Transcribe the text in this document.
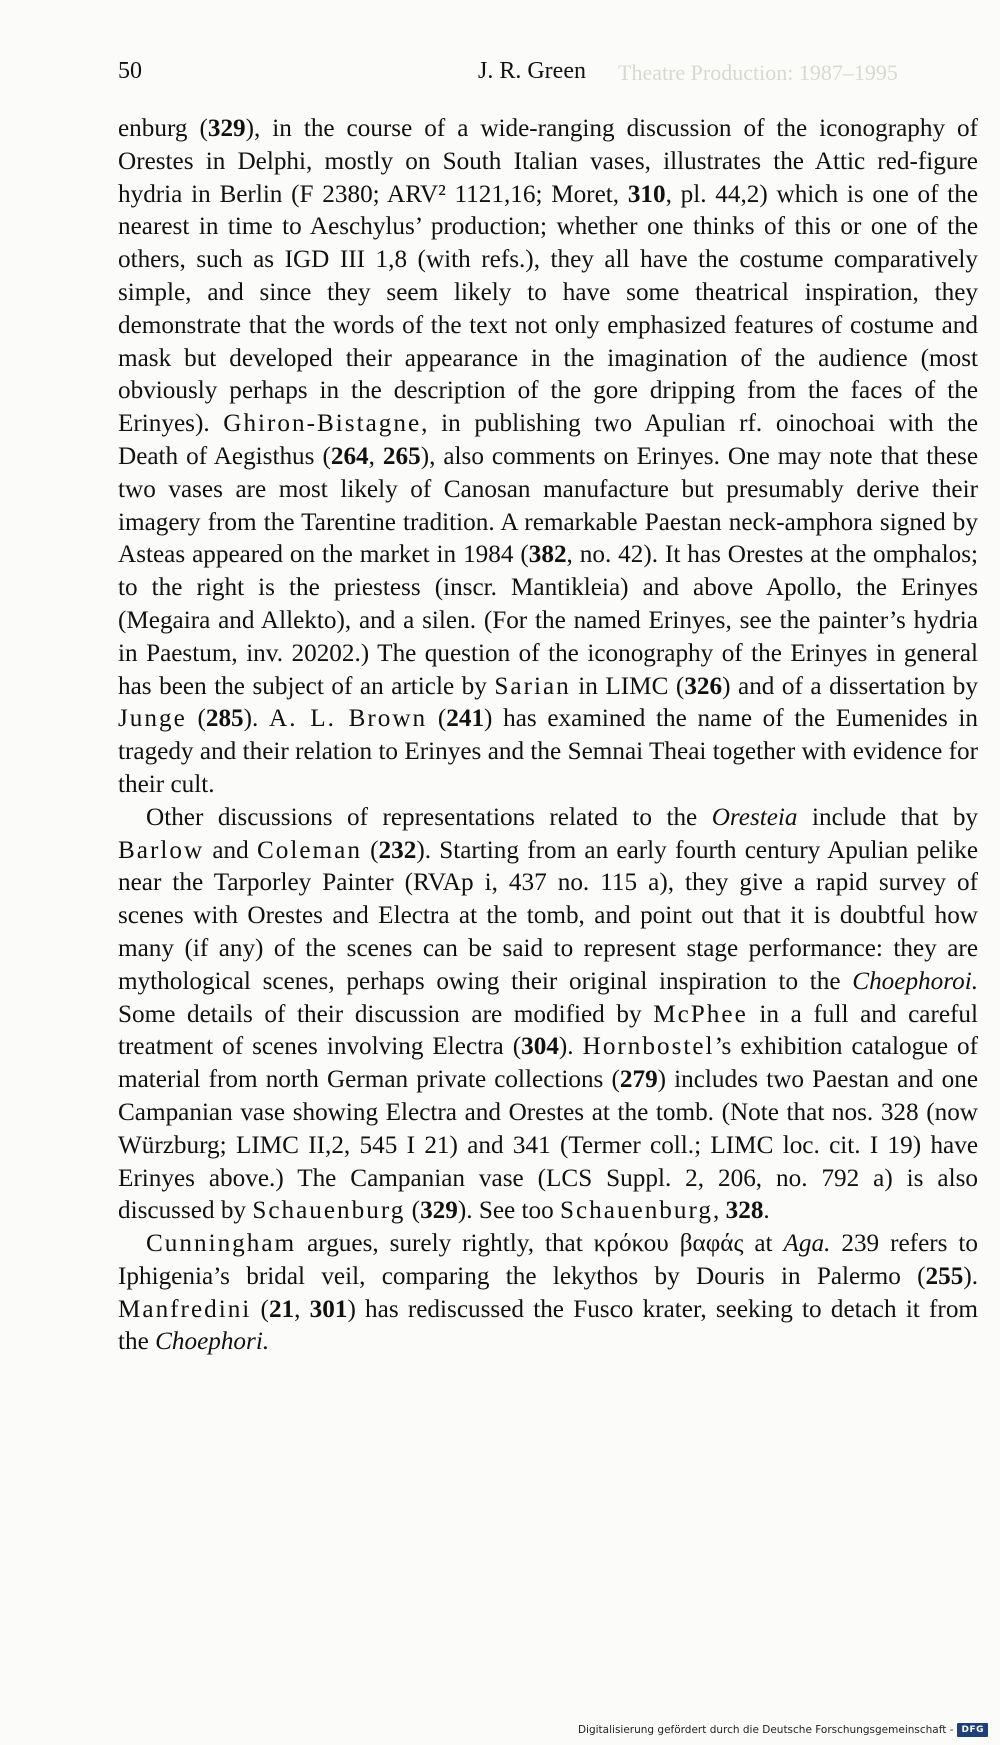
Theatre Production: 1987–1995
50	J. R. Green

enburg (329), in the course of a wide-ranging discussion of the iconography of Orestes in Delphi, mostly on South Italian vases, illustrates the Attic red-figure hydria in Berlin (F 2380; ARV² 1121,16; Moret, 310, pl. 44,2) which is one of the nearest in time to Aeschylus’ production; whether one thinks of this or one of the others, such as IGD III 1,8 (with refs.), they all have the costume comparatively simple, and since they seem likely to have some theatrical inspiration, they demonstrate that the words of the text not only emphasized features of costume and mask but developed their appearance in the imagination of the audience (most obviously perhaps in the description of the gore dripping from the faces of the Erinyes). Ghiron-Bistagne, in publishing two Apulian rf. oinochoai with the Death of Aegisthus (264, 265), also comments on Erinyes. One may note that these two vases are most likely of Canosan manufacture but presumably derive their imagery from the Tarentine tradition. A remarkable Paestan neck-amphora signed by Asteas appeared on the market in 1984 (382, no. 42). It has Orestes at the omphalos; to the right is the priestess (inscr. Mantikleia) and above Apollo, the Erinyes (Megaira and Allekto), and a silen. (For the named Erinyes, see the painter’s hydria in Paestum, inv. 20202.) The question of the iconography of the Erinyes in general has been the subject of an article by Sarian in LIMC (326) and of a dissertation by Junge (285). A. L. Brown (241) has examined the name of the Eumenides in tragedy and their relation to Erinyes and the Semnai Theai together with evidence for their cult.

Other discussions of representations related to the Oresteia include that by Barlow and Coleman (232). Starting from an early fourth century Apulian pelike near the Tarporley Painter (RVAp i, 437 no. 115 a), they give a rapid survey of scenes with Orestes and Electra at the tomb, and point out that it is doubtful how many (if any) of the scenes can be said to represent stage performance: they are mythological scenes, perhaps owing their original inspiration to the Choephoroi. Some details of their discussion are modified by McPhee in a full and careful treatment of scenes involving Electra (304). Hornbostel’s exhibition catalogue of material from north German private collections (279) includes two Paestan and one Campanian vase showing Electra and Orestes at the tomb. (Note that nos. 328 (now Würzburg; LIMC II,2, 545 I 21) and 341 (Termer coll.; LIMC loc. cit. I 19) have Erinyes above.) The Campanian vase (LCS Suppl. 2, 206, no. 792 a) is also discussed by Schauenburg (329). See too Schauenburg, 328.

Cunningham argues, surely rightly, that κρόκου βαφάς at Aga. 239 refers to Iphigenia’s bridal veil, comparing the lekythos by Douris in Palermo (255). Manfredini (21, 301) has rediscussed the Fusco krater, seeking to detach it from the Choephori.

Digitalisierung gefördert durch die Deutsche Forschungsgemeinschaft - DFG
